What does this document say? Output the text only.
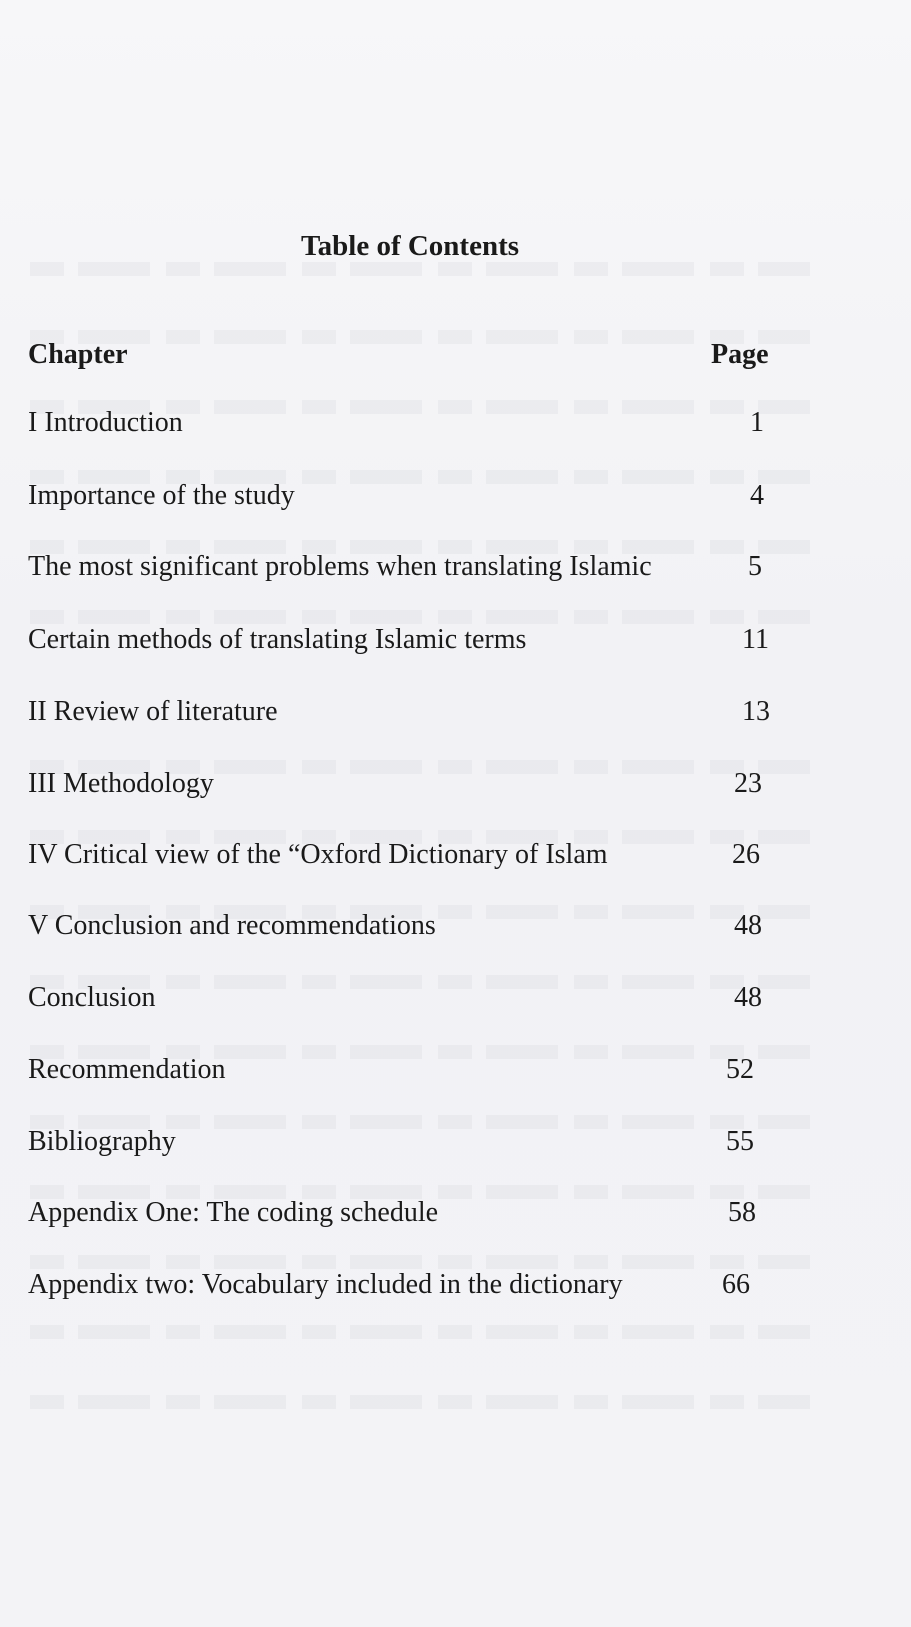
Table of Contents
Chapter	Page
I Introduction	1
Importance of the study	4
The most significant problems when translating Islamic	5
Certain methods of translating Islamic terms	11
II Review of literature	13
III Methodology	23
IV Critical view of the “Oxford Dictionary of Islam	26
V Conclusion and recommendations	48
Conclusion	48
Recommendation	52
Bibliography	55
Appendix One: The coding schedule	58
Appendix two: Vocabulary included in the dictionary	66
